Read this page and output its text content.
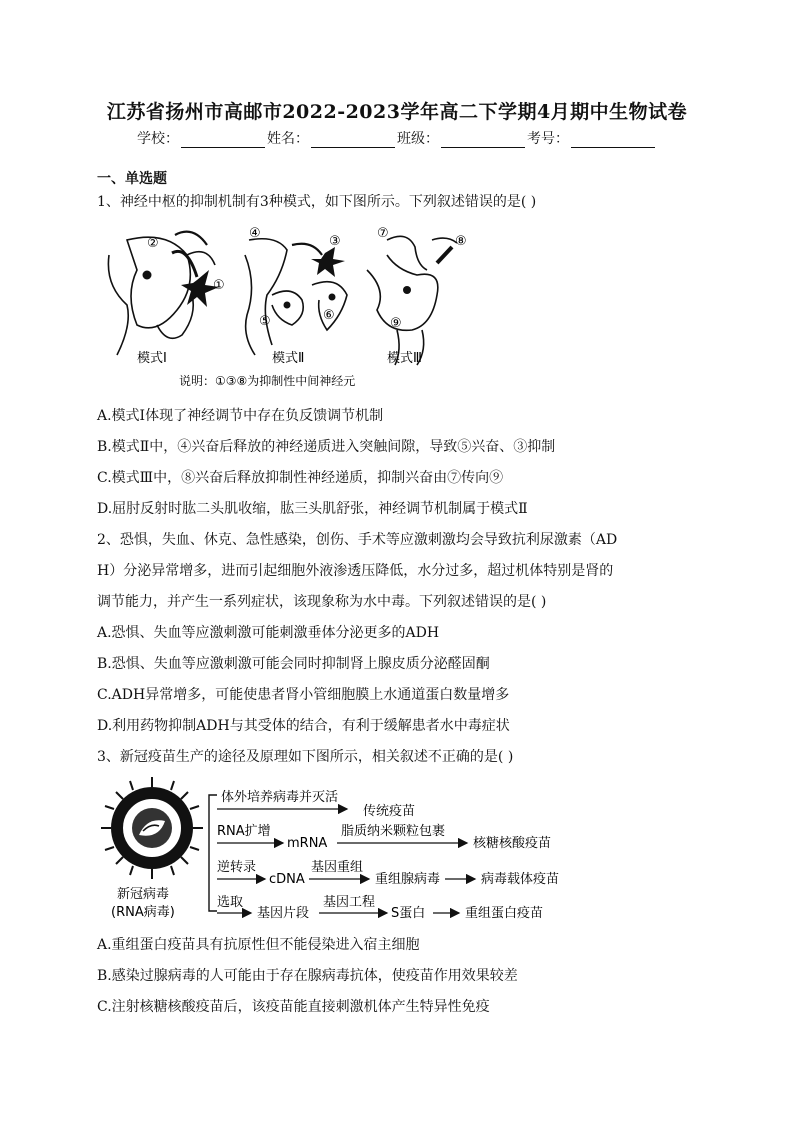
江苏省扬州市高邮市2022-2023学年高二下学期4月期中生物试卷
学校：	姓名：	班级：	考号：
一、单选题
1、神经中枢的抑制机制有3种模式，如下图所示。下列叙述错误的是( )
②
①
④
③
⑤	⑥
⑦
⑧
⑨
模式Ⅰ	模式Ⅱ	模式Ⅲ
说明：①③⑧为抑制性中间神经元
A.模式Ⅰ体现了神经调节中存在负反馈调节机制
B.模式Ⅱ中，④兴奋后释放的神经递质进入突触间隙，导致⑤兴奋、③抑制
C.模式Ⅲ中，⑧兴奋后释放抑制性神经递质，抑制兴奋由⑦传向⑨
D.屈肘反射时肱二头肌收缩，肱三头肌舒张，神经调节机制属于模式Ⅱ
2、恐惧，失血、休克、急性感染，创伤、手术等应激刺激均会导致抗利尿激素（AD
H）分泌异常增多，进而引起细胞外液渗透压降低，水分过多，超过机体特别是肾的
调节能力，并产生一系列症状，该现象称为水中毒。下列叙述错误的是( )
A.恐惧、失血等应激刺激可能刺激垂体分泌更多的ADH
B.恐惧、失血等应激刺激可能会同时抑制肾上腺皮质分泌醛固酮
C.ADH异常增多，可能使患者肾小管细胞膜上水通道蛋白数量增多
D.利用药物抑制ADH与其受体的结合，有利于缓解患者水中毒症状
3、新冠疫苗生产的途径及原理如下图所示，相关叙述不正确的是( )
新冠病毒
(RNA病毒)
体外培养病毒并灭活
传统疫苗
RNA扩增
mRNA
脂质纳米颗粒包裹
核糖核酸疫苗
逆转录
cDNA
基因重组
重组腺病毒	病毒载体疫苗
选取
基因片段
基因工程
S蛋白	重组蛋白疫苗
A.重组蛋白疫苗具有抗原性但不能侵染进入宿主细胞
B.感染过腺病毒的人可能由于存在腺病毒抗体，使疫苗作用效果较差
C.注射核糖核酸疫苗后，该疫苗能直接刺激机体产生特异性免疫
